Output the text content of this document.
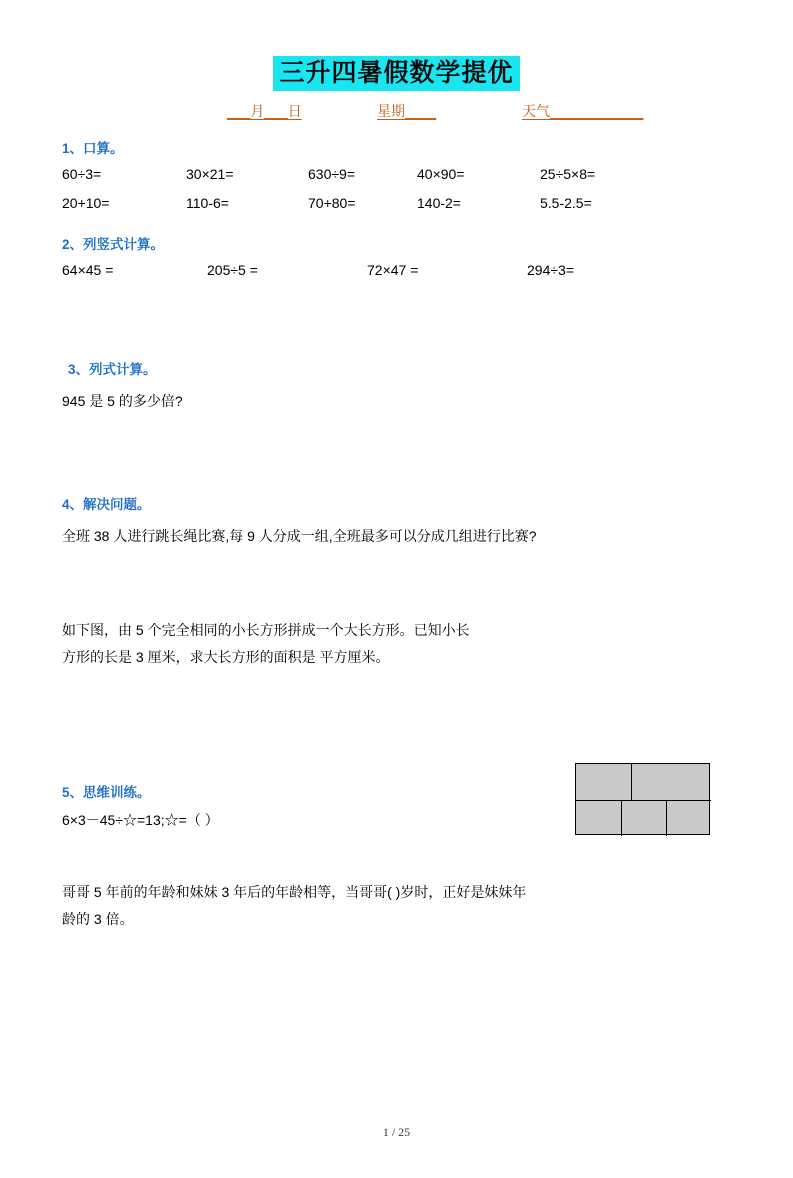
三升四暑假数学提优
___月___日	星期____	天气____________
1、口算。
60÷3=	30×21=	630÷9=	40×90=	25÷5×8=
20+10=	110-6=	70+80=	140-2=	5.5-2.5=
2、列竖式计算。
64×45 =	205÷5 =	72×47 =	294÷3=
3、列式计算。
945 是 5 的多少倍?
4、解决问题。
全班 38 人进行跳长绳比赛,每 9 人分成一组,全班最多可以分成几组进行比赛?
如下图，由 5 个完全相同的小长方形拼成一个大长方形。已知小长
方形的长是 3 厘米，求大长方形的面积是 平方厘米。
5、思维训练。
6×3－45÷☆=13;☆=（ ）
哥哥 5 年前的年龄和妹妹 3 年后的年龄相等，当哥哥( )岁时，正好是妹妹年
龄的 3 倍。
1 / 25
